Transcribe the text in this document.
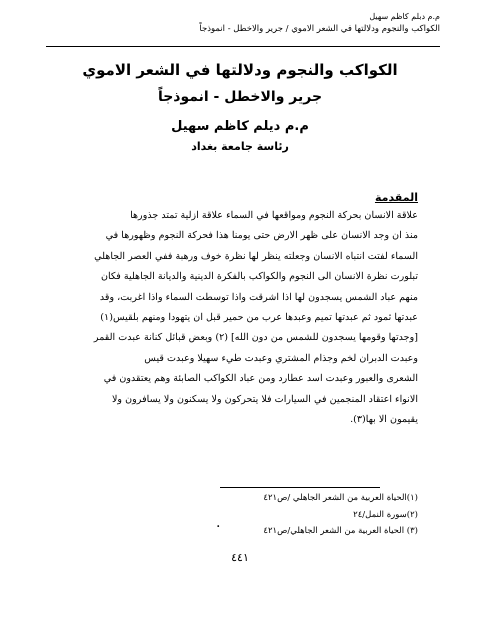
م.م دبلم كاظم سهيل
الكواكب والنجوم ودلالتها في الشعر الاموي / جرير والاخطل - انموذجاً
الكواكب والنجوم ودلالتها في الشعر الاموي
جرير والاخطل - انموذجاً
م.م ديلم كاظم سهيل
رئاسة جامعة بغداد
المقدمة
علاقة الانسان بحركة النجوم ومواقعها في السماء علاقة ازلية تمتد جذورها
منذ ان وجد الانسان على ظهر الارض حتى يومنا هذا فحركة النجوم وظهورها في
السماء لفتت انتباه الانسان وجعلته ينظر لها نظرة خوف ورهبة ففي العصر الجاهلي
تبلورت نظرة الانسان الى النجوم والكواكب بالفكرة الدينية والديانة الجاهلية فكان
منهم عباد الشمس يسجدون لها اذا اشرقت واذا توسطت السماء واذا اغربت، وقد
عبدتها ثمود ثم عبدتها تميم وعبدها عرب من حمير قبل ان يتهودا ومنهم بلقيس(١)
[وجدتها وقومها يسجدون للشمس من دون الله] (٢) وبعض قبائل كنانة عبدت القمر
وعبدت الدبران لخم وجذام المشتري وعبدت طيء سهيلا وعبدت قيس
الشعرى والعبور وعبدت اسد عطارد ومن عباد الكواكب الصابئة وهم يعتقدون في
الانواء اعتقاد المنجمين في السيارات فلا يتحركون ولا يسكنون ولا يسافرون ولا
يقيمون الا بها(٣).
(١)الحياة العربية من الشعر الجاهلي /ص٤٢١
(٢)سورة النمل/٢٤
(٣) الحياة العربية من الشعر الجاهلي/ص٤٢١
.
٤٤١
